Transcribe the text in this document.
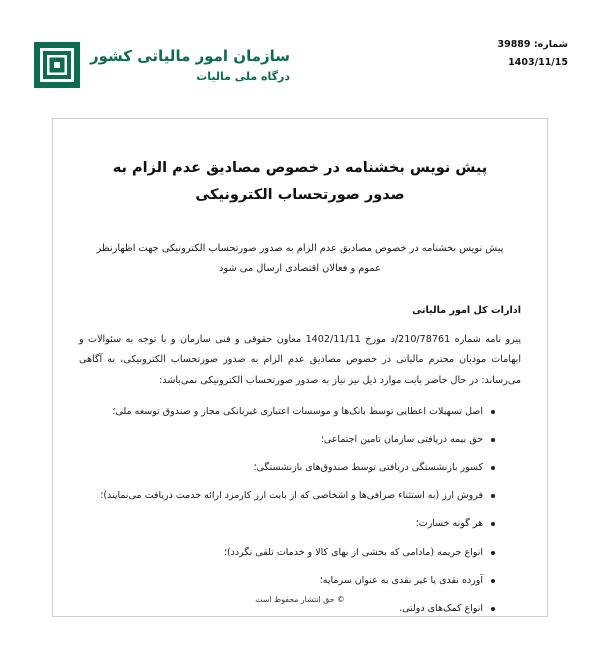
شماره: 39889
1403/11/15
سازمان امور مالیاتی کشور
درگاه ملی مالیات
پیش نویس بخشنامه در خصوص مصادیق عدم الزام به صدور صورتحساب الکترونیکی
پیش نویس بخشنامه در خصوص مصادیق عدم الزام به صدور صورتحساب الکترونیکی جهت اظهارنظر عموم و فعالان اقتصادی ارسال می شود
ادارات کل امور مالیاتی
پیرو نامه شماره 210/78761/د مورخ 1402/11/11 معاون حقوقی و فنی سازمان و با توجه به سئوالات و ابهامات مودیان محترم مالیاتی در خصوص مصادیق عدم الزام به صدور صورتحساب الکترونیکی، به آگاهی می‌رساند: در حال حاضر بابت موارد ذیل نیز نیاز به صدور صورتحساب الکترونیکی نمی‌باشد:
اصل تسهیلات اعطایی توسط بانک‌ها و موسسات اعتباری غیربانکی مجاز و صندوق توسعه ملی؛
حق بیمه دریافتی سازمان تامین اجتماعی؛
کسور بازنشستگی دریافتی توسط صندوق‌های بازنشستگی؛
فروش ارز (به استثناء صرافی‌ها و اشخاصی که از بابت ارز کارمزد ارائه خدمت دریافت می‌نمایند)؛
هر گونه خسارت؛
انواع جریمه (مادامی که بخشی از بهای کالا و خدمات تلقی نگردد)؛
آورده نقدی یا غیر نقدی به عنوان سرمایه؛
انواع کمک‌های دولتی.
© حق انتشار محفوظ است
